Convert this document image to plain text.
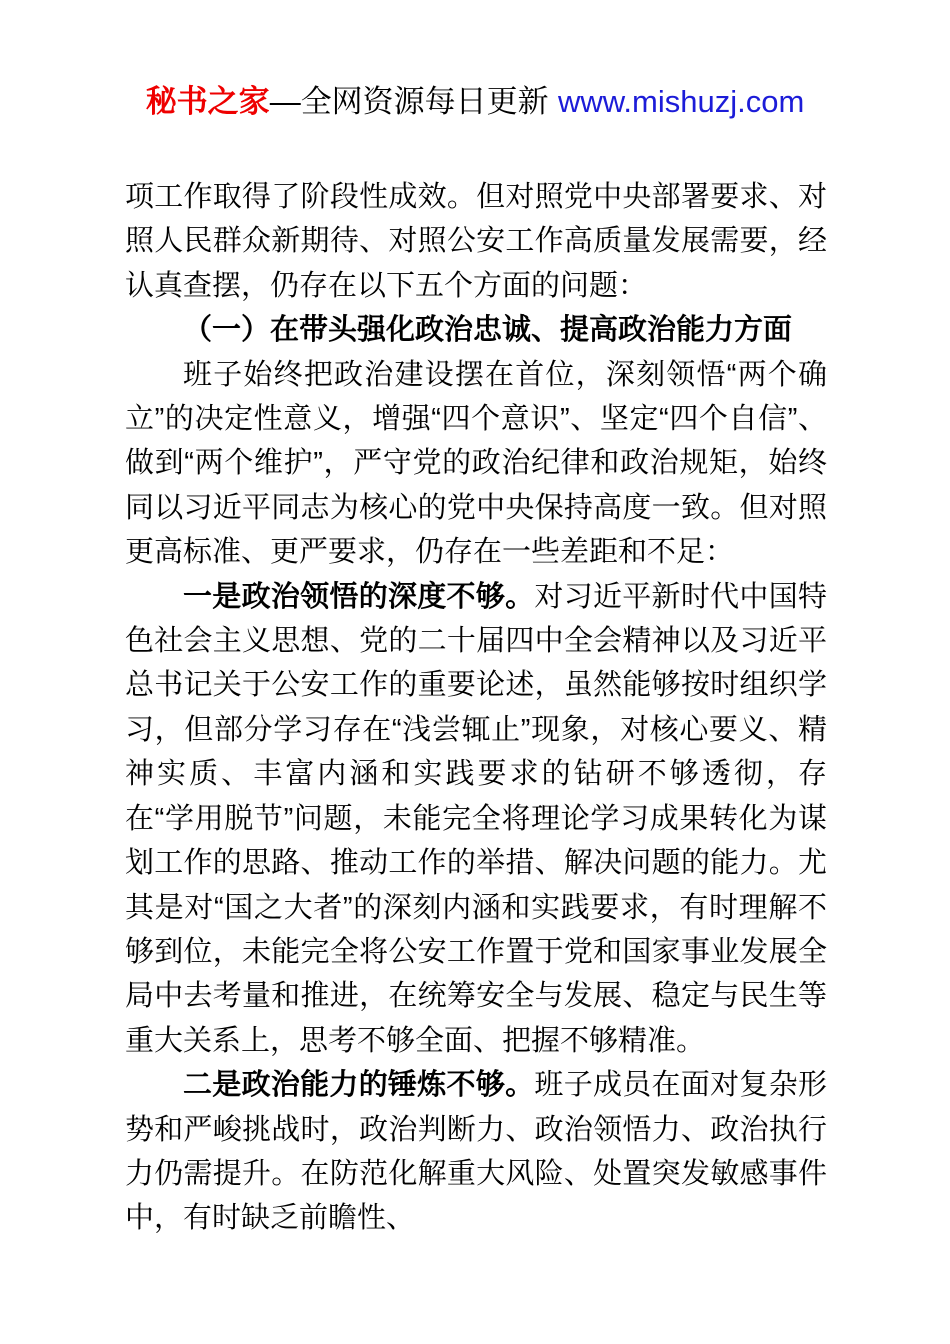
秘书之家—全网资源每日更新 www.mishuzj.com

项工作取得了阶段性成效。但对照党中央部署要求、对照人民群众新期待、对照公安工作高质量发展需要，经认真查摆，仍存在以下五个方面的问题：

（一）在带头强化政治忠诚、提高政治能力方面

班子始终把政治建设摆在首位，深刻领悟“两个确立”的决定性意义，增强“四个意识”、坚定“四个自信”、做到“两个维护”，严守党的政治纪律和政治规矩，始终同以习近平同志为核心的党中央保持高度一致。但对照更高标准、更严要求，仍存在一些差距和不足：

一是政治领悟的深度不够。对习近平新时代中国特色社会主义思想、党的二十届四中全会精神以及习近平总书记关于公安工作的重要论述，虽然能够按时组织学习，但部分学习存在“浅尝辄止”现象，对核心要义、精神实质、丰富内涵和实践要求的钻研不够透彻，存在“学用脱节”问题，未能完全将理论学习成果转化为谋划工作的思路、推动工作的举措、解决问题的能力。尤其是对“国之大者”的深刻内涵和实践要求，有时理解不够到位，未能完全将公安工作置于党和国家事业发展全局中去考量和推进，在统筹安全与发展、稳定与民生等重大关系上，思考不够全面、把握不够精准。

二是政治能力的锤炼不够。班子成员在面对复杂形势和严峻挑战时，政治判断力、政治领悟力、政治执行力仍需提升。在防范化解重大风险、处置突发敏感事件中，有时缺乏前瞻性、
